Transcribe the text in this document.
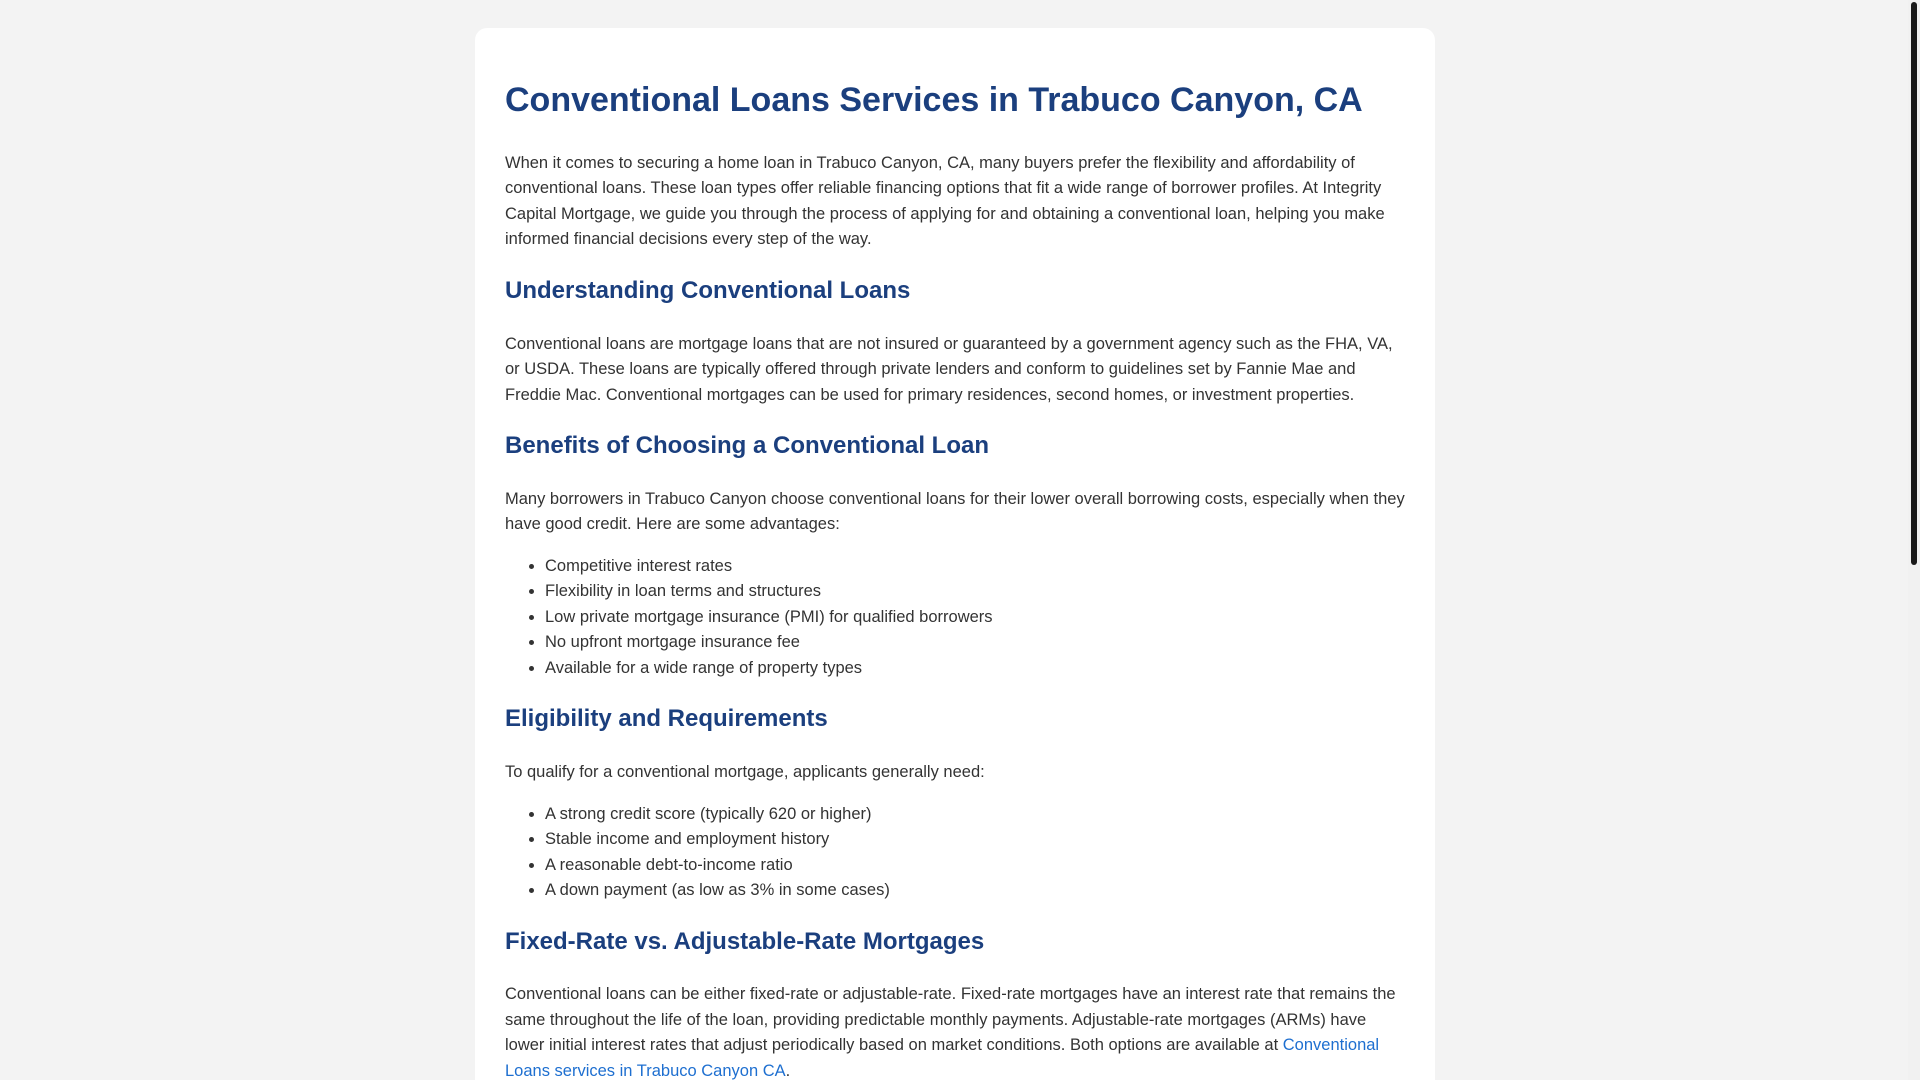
Conventional Loans Services in Trabuco Canyon, CA

When it comes to securing a home loan in Trabuco Canyon, CA, many buyers prefer the flexibility and affordability of conventional loans. These loan types offer reliable financing options that fit a wide range of borrower profiles. At Integrity Capital Mortgage, we guide you through the process of applying for and obtaining a conventional loan, helping you make informed financial decisions every step of the way.

Understanding Conventional Loans

Conventional loans are mortgage loans that are not insured or guaranteed by a government agency such as the FHA, VA, or USDA. These loans are typically offered through private lenders and conform to guidelines set by Fannie Mae and Freddie Mac. Conventional mortgages can be used for primary residences, second homes, or investment properties.

Benefits of Choosing a Conventional Loan

Many borrowers in Trabuco Canyon choose conventional loans for their lower overall borrowing costs, especially when they have good credit. Here are some advantages:

• Competitive interest rates
• Flexibility in loan terms and structures
• Low private mortgage insurance (PMI) for qualified borrowers
• No upfront mortgage insurance fee
• Available for a wide range of property types
Eligibility and Requirements

To qualify for a conventional mortgage, applicants generally need:

• A strong credit score (typically 620 or higher)
• Stable income and employment history
• A reasonable debt-to-income ratio
• A down payment (as low as 3% in some cases)
Fixed-Rate vs. Adjustable-Rate Mortgages

Conventional loans can be either fixed-rate or adjustable-rate. Fixed-rate mortgages have an interest rate that remains the same throughout the life of the loan, providing predictable monthly payments. Adjustable-rate mortgages (ARMs) have lower initial interest rates that adjust periodically based on market conditions. Both options are available at Conventional Loans services in Trabuco Canyon CA.
